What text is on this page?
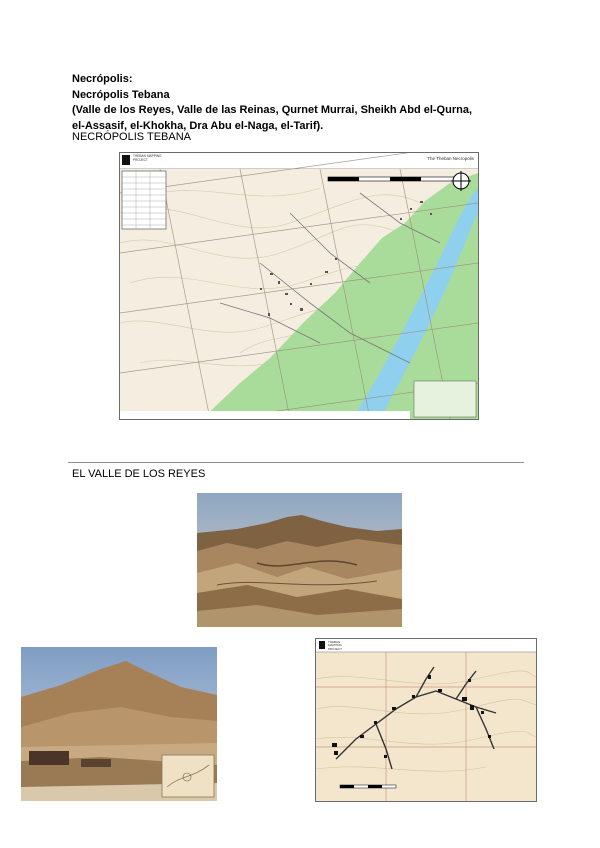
Necrópolis:
Necrópolis Tebana
(Valle de los Reyes, Valle de las Reinas, Qurnet Murrai, Sheikh Abd el-Qurna,
el-Assasif, el-Khokha, Dra Abu el-Naga, el-Tarif).
NECRÓPOLIS TEBANA
THEBAN MAPPING PROJECT	The Theban Necropolis
EL VALLE DE LOS REYES
THEBAN MAPPING PROJECT
